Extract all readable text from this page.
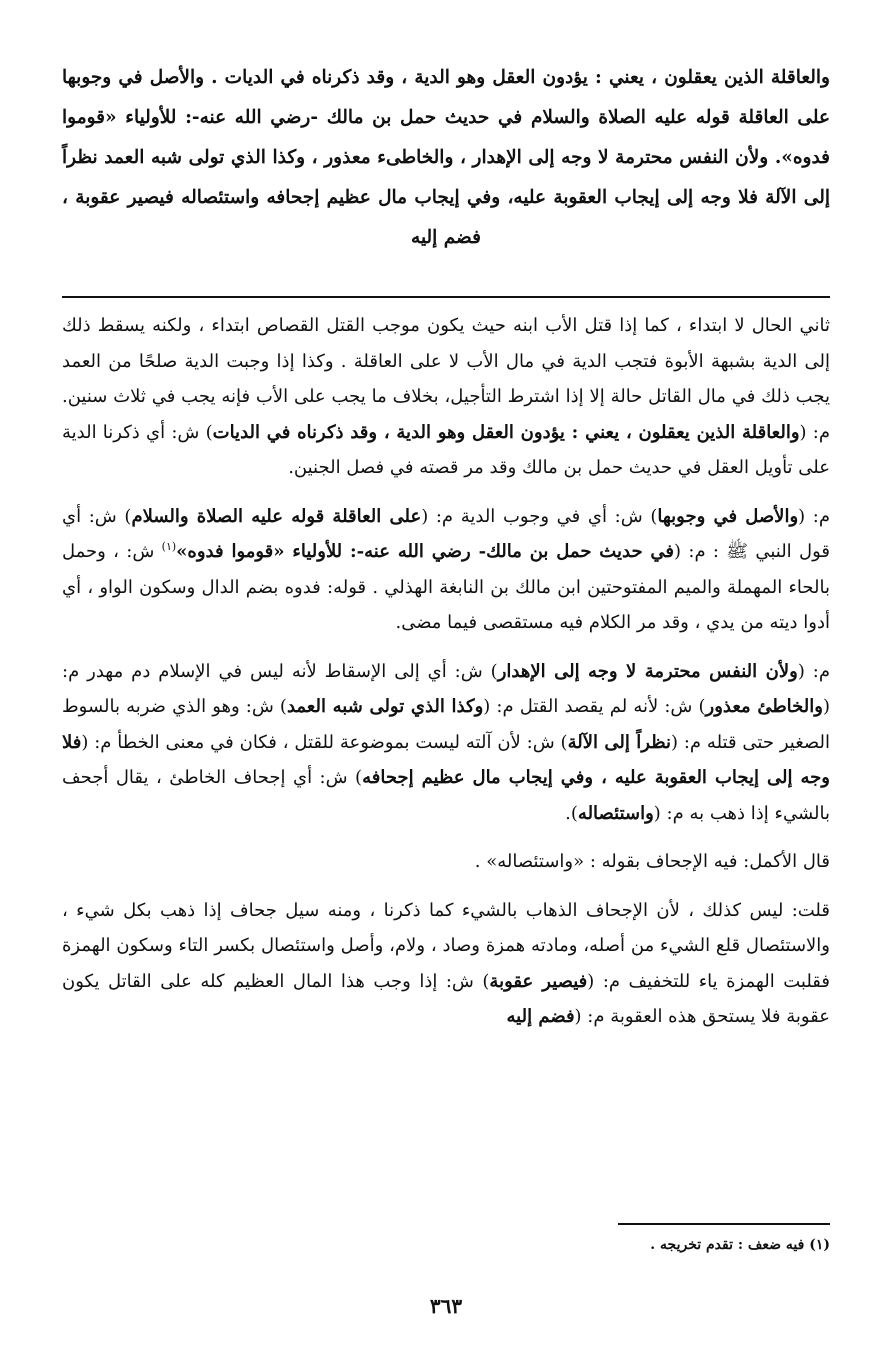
والعاقلة الذين يعقلون ، يعني : يؤدون العقل وهو الدية ، وقد ذكرناه في الديات . والأصل في وجوبها على العاقلة قوله عليه الصلاة والسلام في حديث حمل بن مالك -رضي الله عنه-: للأولياء «قوموا فدوه». ولأن النفس محترمة لا وجه إلى الإهدار ، والخاطىء معذور ، وكذا الذي تولى شبه العمد نظراً إلى الآلة فلا وجه إلى إيجاب العقوبة عليه، وفي إيجاب مال عظيم إجحافه واستئصاله فيصير عقوبة ، فضم إليه

ثاني الحال لا ابتداء ، كما إذا قتل الأب ابنه حيث يكون موجب القتل القصاص ابتداء ، ولكنه يسقط ذلك إلى الدية بشبهة الأبوة فتجب الدية في مال الأب لا على العاقلة . وكذا إذا وجبت الدية صلحًا من العمد يجب ذلك في مال القاتل حالة إلا إذا اشترط التأجيل، بخلاف ما يجب على الأب فإنه يجب في ثلاث سنين. م: (والعاقلة الذين يعقلون ، يعني : يؤدون العقل وهو الدية ، وقد ذكرناه في الديات) ش: أي ذكرنا الدية على تأويل العقل في حديث حمل بن مالك وقد مر قصته في فصل الجنين.

م: (والأصل في وجوبها) ش: أي في وجوب الدية م: (على العاقلة قوله عليه الصلاة والسلام) ش: أي قول النبي ﷺ : م: (في حديث حمل بن مالك- رضي الله عنه-: للأولياء «قوموا فدوه»$^{(١)}$ ش: ، وحمل بالحاء المهملة والميم المفتوحتين ابن مالك بن النابغة الهذلي . قوله: فدوه بضم الدال وسكون الواو ، أي أدوا ديته من يدي ، وقد مر الكلام فيه مستقصى فيما مضى.

م: (ولأن النفس محترمة لا وجه إلى الإهدار) ش: أي إلى الإسقاط لأنه ليس في الإسلام دم مهدر م: (والخاطئ معذور) ش: لأنه لم يقصد القتل م: (وكذا الذي تولى شبه العمد) ش: وهو الذي ضربه بالسوط الصغير حتى قتله م: (نظراً إلى الآلة) ش: لأن آلته ليست بموضوعة للقتل ، فكان في معنى الخطأ م: (فلا وجه إلى إيجاب العقوبة عليه ، وفي إيجاب مال عظيم إجحافه) ش: أي إجحاف الخاطئ ، يقال أجحف بالشيء إذا ذهب به م: (واستئصاله).

قال الأكمل: فيه الإجحاف بقوله : «واستئصاله» .

قلت: ليس كذلك ، لأن الإجحاف الذهاب بالشيء كما ذكرنا ، ومنه سيل جحاف إذا ذهب بكل شيء ، والاستئصال قلع الشيء من أصله، ومادته همزة وصاد ، ولام، وأصل واستئصال بكسر التاء وسكون الهمزة فقلبت الهمزة ياء للتخفيف م: (فيصير عقوبة) ش: إذا وجب هذا المال العظيم كله على القاتل يكون عقوبة فلا يستحق هذه العقوبة م: (فضم إليه

(١) فيه ضعف : تقدم تخريجه .

٣٦٣
